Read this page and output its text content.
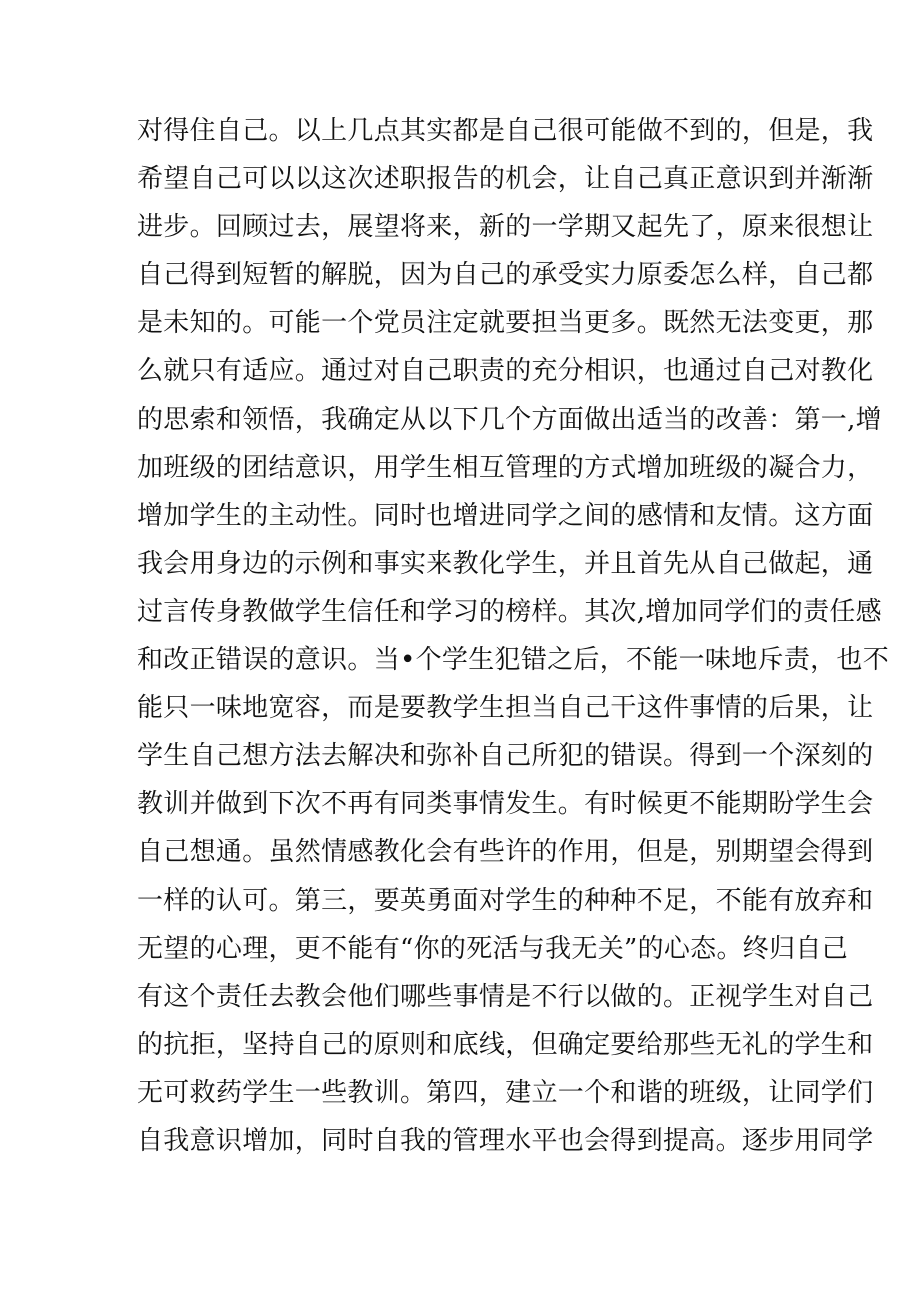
对得住自己。以上几点其实都是自己很可能做不到的，但是，我
希望自己可以以这次述职报告的机会，让自己真正意识到并渐渐
进步。回顾过去，展望将来，新的一学期又起先了，原来很想让
自己得到短暂的解脱，因为自己的承受实力原委怎么样，自己都
是未知的。可能一个党员注定就要担当更多。既然无法变更，那
么就只有适应。通过对自己职责的充分相识，也通过自己对教化
的思索和领悟，我确定从以下几个方面做出适当的改善：第一,增
加班级的团结意识，用学生相互管理的方式增加班级的凝合力，
增加学生的主动性。同时也增进同学之间的感情和友情。这方面
我会用身边的示例和事实来教化学生，并且首先从自己做起，通
过言传身教做学生信任和学习的榜样。其次,增加同学们的责任感
和改正错误的意识。当•个学生犯错之后，不能一味地斥责，也不
能只一味地宽容，而是要教学生担当自己干这件事情的后果，让
学生自己想方法去解决和弥补自己所犯的错误。得到一个深刻的
教训并做到下次不再有同类事情发生。有时候更不能期盼学生会
自己想通。虽然情感教化会有些许的作用，但是，别期望会得到
一样的认可。第三，要英勇面对学生的种种不足，不能有放弃和
无望的心理，更不能有“你的死活与我无关”的心态。终归自己
有这个责任去教会他们哪些事情是不行以做的。正视学生对自己
的抗拒，坚持自己的原则和底线，但确定要给那些无礼的学生和
无可救药学生一些教训。第四，建立一个和谐的班级，让同学们
自我意识增加，同时自我的管理水平也会得到提高。逐步用同学
